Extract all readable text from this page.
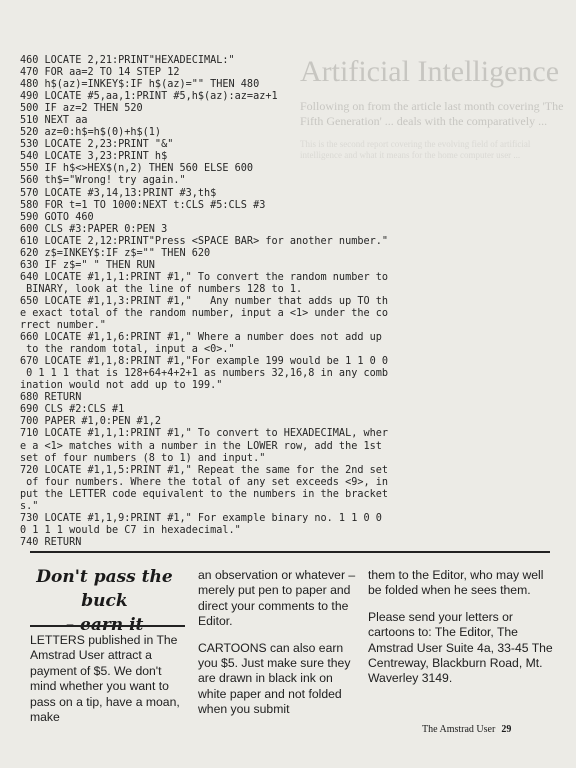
Artificial Intelligence
Following on from the article last month covering 'The Fifth Generation' ... deals with the comparatively ...
This is the second report covering the evolving field of artificial intelligence and what it means for the home computer user ...
460 LOCATE 2,21:PRINT"HEXADECIMAL:"
470 FOR aa=2 TO 14 STEP 12
480 h$(az)=INKEY$:IF h$(az)="" THEN 480
490 LOCATE #5,aa,1:PRINT #5,h$(az):az=az+1
500 IF az=2 THEN 520
510 NEXT aa
520 az=0:h$=h$(0)+h$(1)
530 LOCATE 2,23:PRINT "&"
540 LOCATE 3,23:PRINT h$
550 IF h$<>HEX$(n,2) THEN 560 ELSE 600
560 th$="Wrong! try again."
570 LOCATE #3,14,13:PRINT #3,th$
580 FOR t=1 TO 1000:NEXT t:CLS #5:CLS #3
590 GOTO 460
600 CLS #3:PAPER 0:PEN 3
610 LOCATE 2,12:PRINT"Press <SPACE BAR> for another number."
620 z$=INKEY$:IF z$="" THEN 620
630 IF z$=" " THEN RUN
640 LOCATE #1,1,1:PRINT #1," To convert the random number to
BINARY, look at the line of numbers 128 to 1.
650 LOCATE #1,1,3:PRINT #1,"   Any number that adds up TO th
e exact total of the random number, input a <1> under the co
rrect number."
660 LOCATE #1,1,6:PRINT #1," Where a number does not add up
to the random total, input a <0>."
670 LOCATE #1,1,8:PRINT #1,"For example 199 would be 1 1 0 0
0 1 1 1 that is 128+64+4+2+1 as numbers 32,16,8 in any comb
ination would not add up to 199."
680 RETURN
690 CLS #2:CLS #1
700 PAPER #1,0:PEN #1,2
710 LOCATE #1,1,1:PRINT #1," To convert to HEXADECIMAL, wher
e a <1> matches with a number in the LOWER row, add the 1st
set of four numbers (8 to 1) and input."
720 LOCATE #1,1,5:PRINT #1," Repeat the same for the 2nd set
of four numbers. Where the total of any set exceeds <9>, in
put the LETTER code equivalent to the numbers in the bracket
s."
730 LOCATE #1,1,9:PRINT #1," For example binary no. 1 1 0 0
0 1 1 1 would be C7 in hexadecimal."
740 RETURN
Don't pass the buck
– earn it

LETTERS published in The Amstrad User attract a payment of $5. We don't mind whether you want to pass on a tip, have a moan, make

an observation or whatever – merely put pen to paper and direct your comments to the Editor.

CARTOONS can also earn you $5. Just make sure they are drawn in black ink on white paper and not folded when you submit

them to the Editor, who may well be folded when he sees them.

Please send your letters or cartoons to: The Editor, The Amstrad User Suite 4a, 33-45 The Centreway, Blackburn Road, Mt. Waverley 3149.

The Amstrad User 29
